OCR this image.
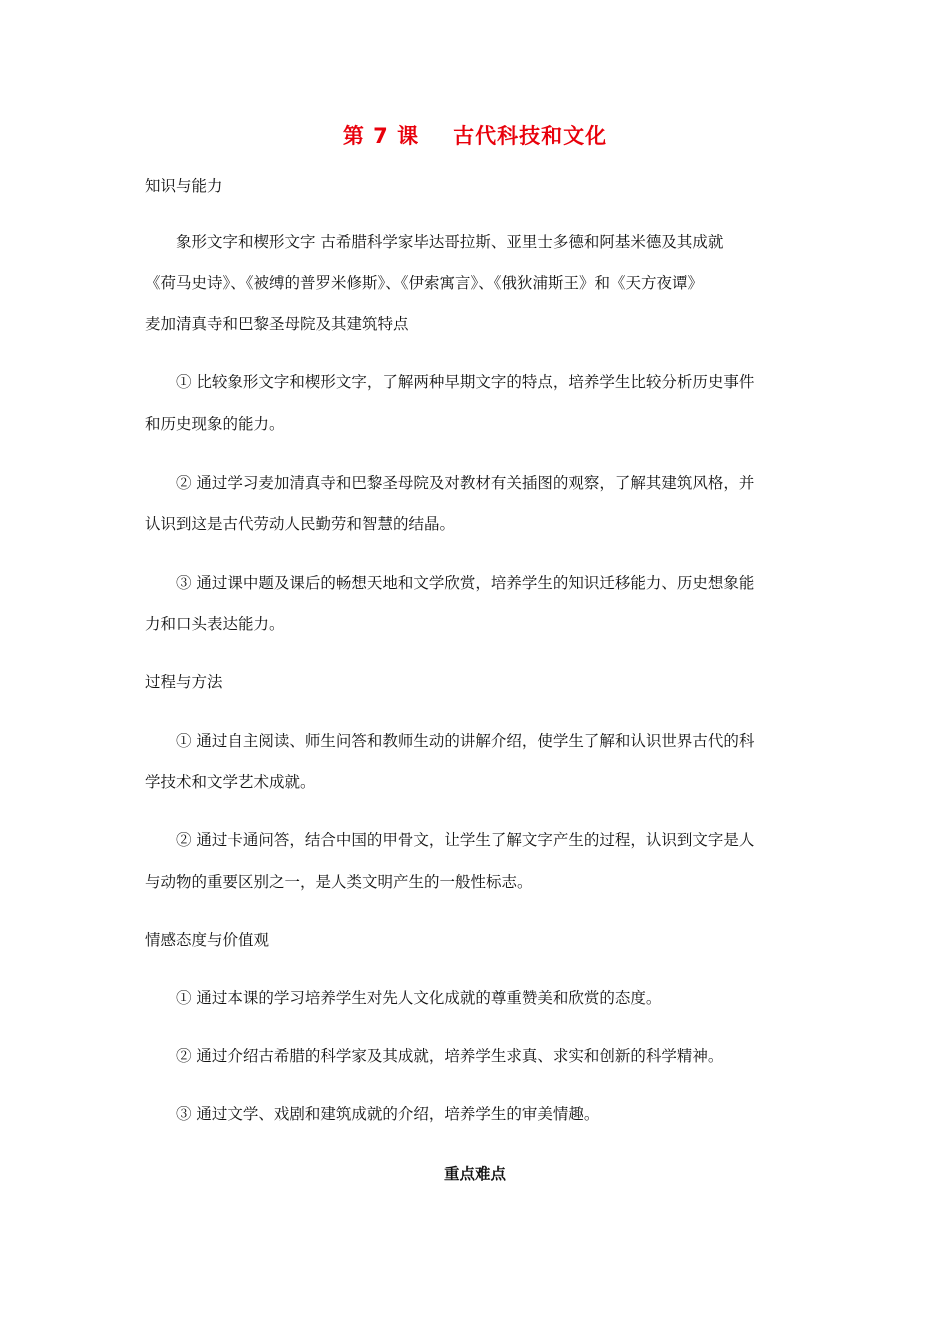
第 7 课 古代科技和文化
知识与能力
象形文字和楔形文字 古希腊科学家毕达哥拉斯、亚里士多德和阿基米德及其成就
《荷马史诗》、《被缚的普罗米修斯》、《伊索寓言》、《俄狄浦斯王》和《天方夜谭》
麦加清真寺和巴黎圣母院及其建筑特点
① 比较象形文字和楔形文字，了解两种早期文字的特点，培养学生比较分析历史事件
和历史现象的能力。
② 通过学习麦加清真寺和巴黎圣母院及对教材有关插图的观察，了解其建筑风格，并
认识到这是古代劳动人民勤劳和智慧的结晶。
③ 通过课中题及课后的畅想天地和文学欣赏，培养学生的知识迁移能力、历史想象能
力和口头表达能力。
过程与方法
① 通过自主阅读、师生问答和教师生动的讲解介绍，使学生了解和认识世界古代的科
学技术和文学艺术成就。
② 通过卡通问答，结合中国的甲骨文，让学生了解文字产生的过程，认识到文字是人
与动物的重要区别之一，是人类文明产生的一般性标志。
情感态度与价值观
① 通过本课的学习培养学生对先人文化成就的尊重赞美和欣赏的态度。
② 通过介绍古希腊的科学家及其成就，培养学生求真、求实和创新的科学精神。
③ 通过文学、戏剧和建筑成就的介绍，培养学生的审美情趣。
重点难点
